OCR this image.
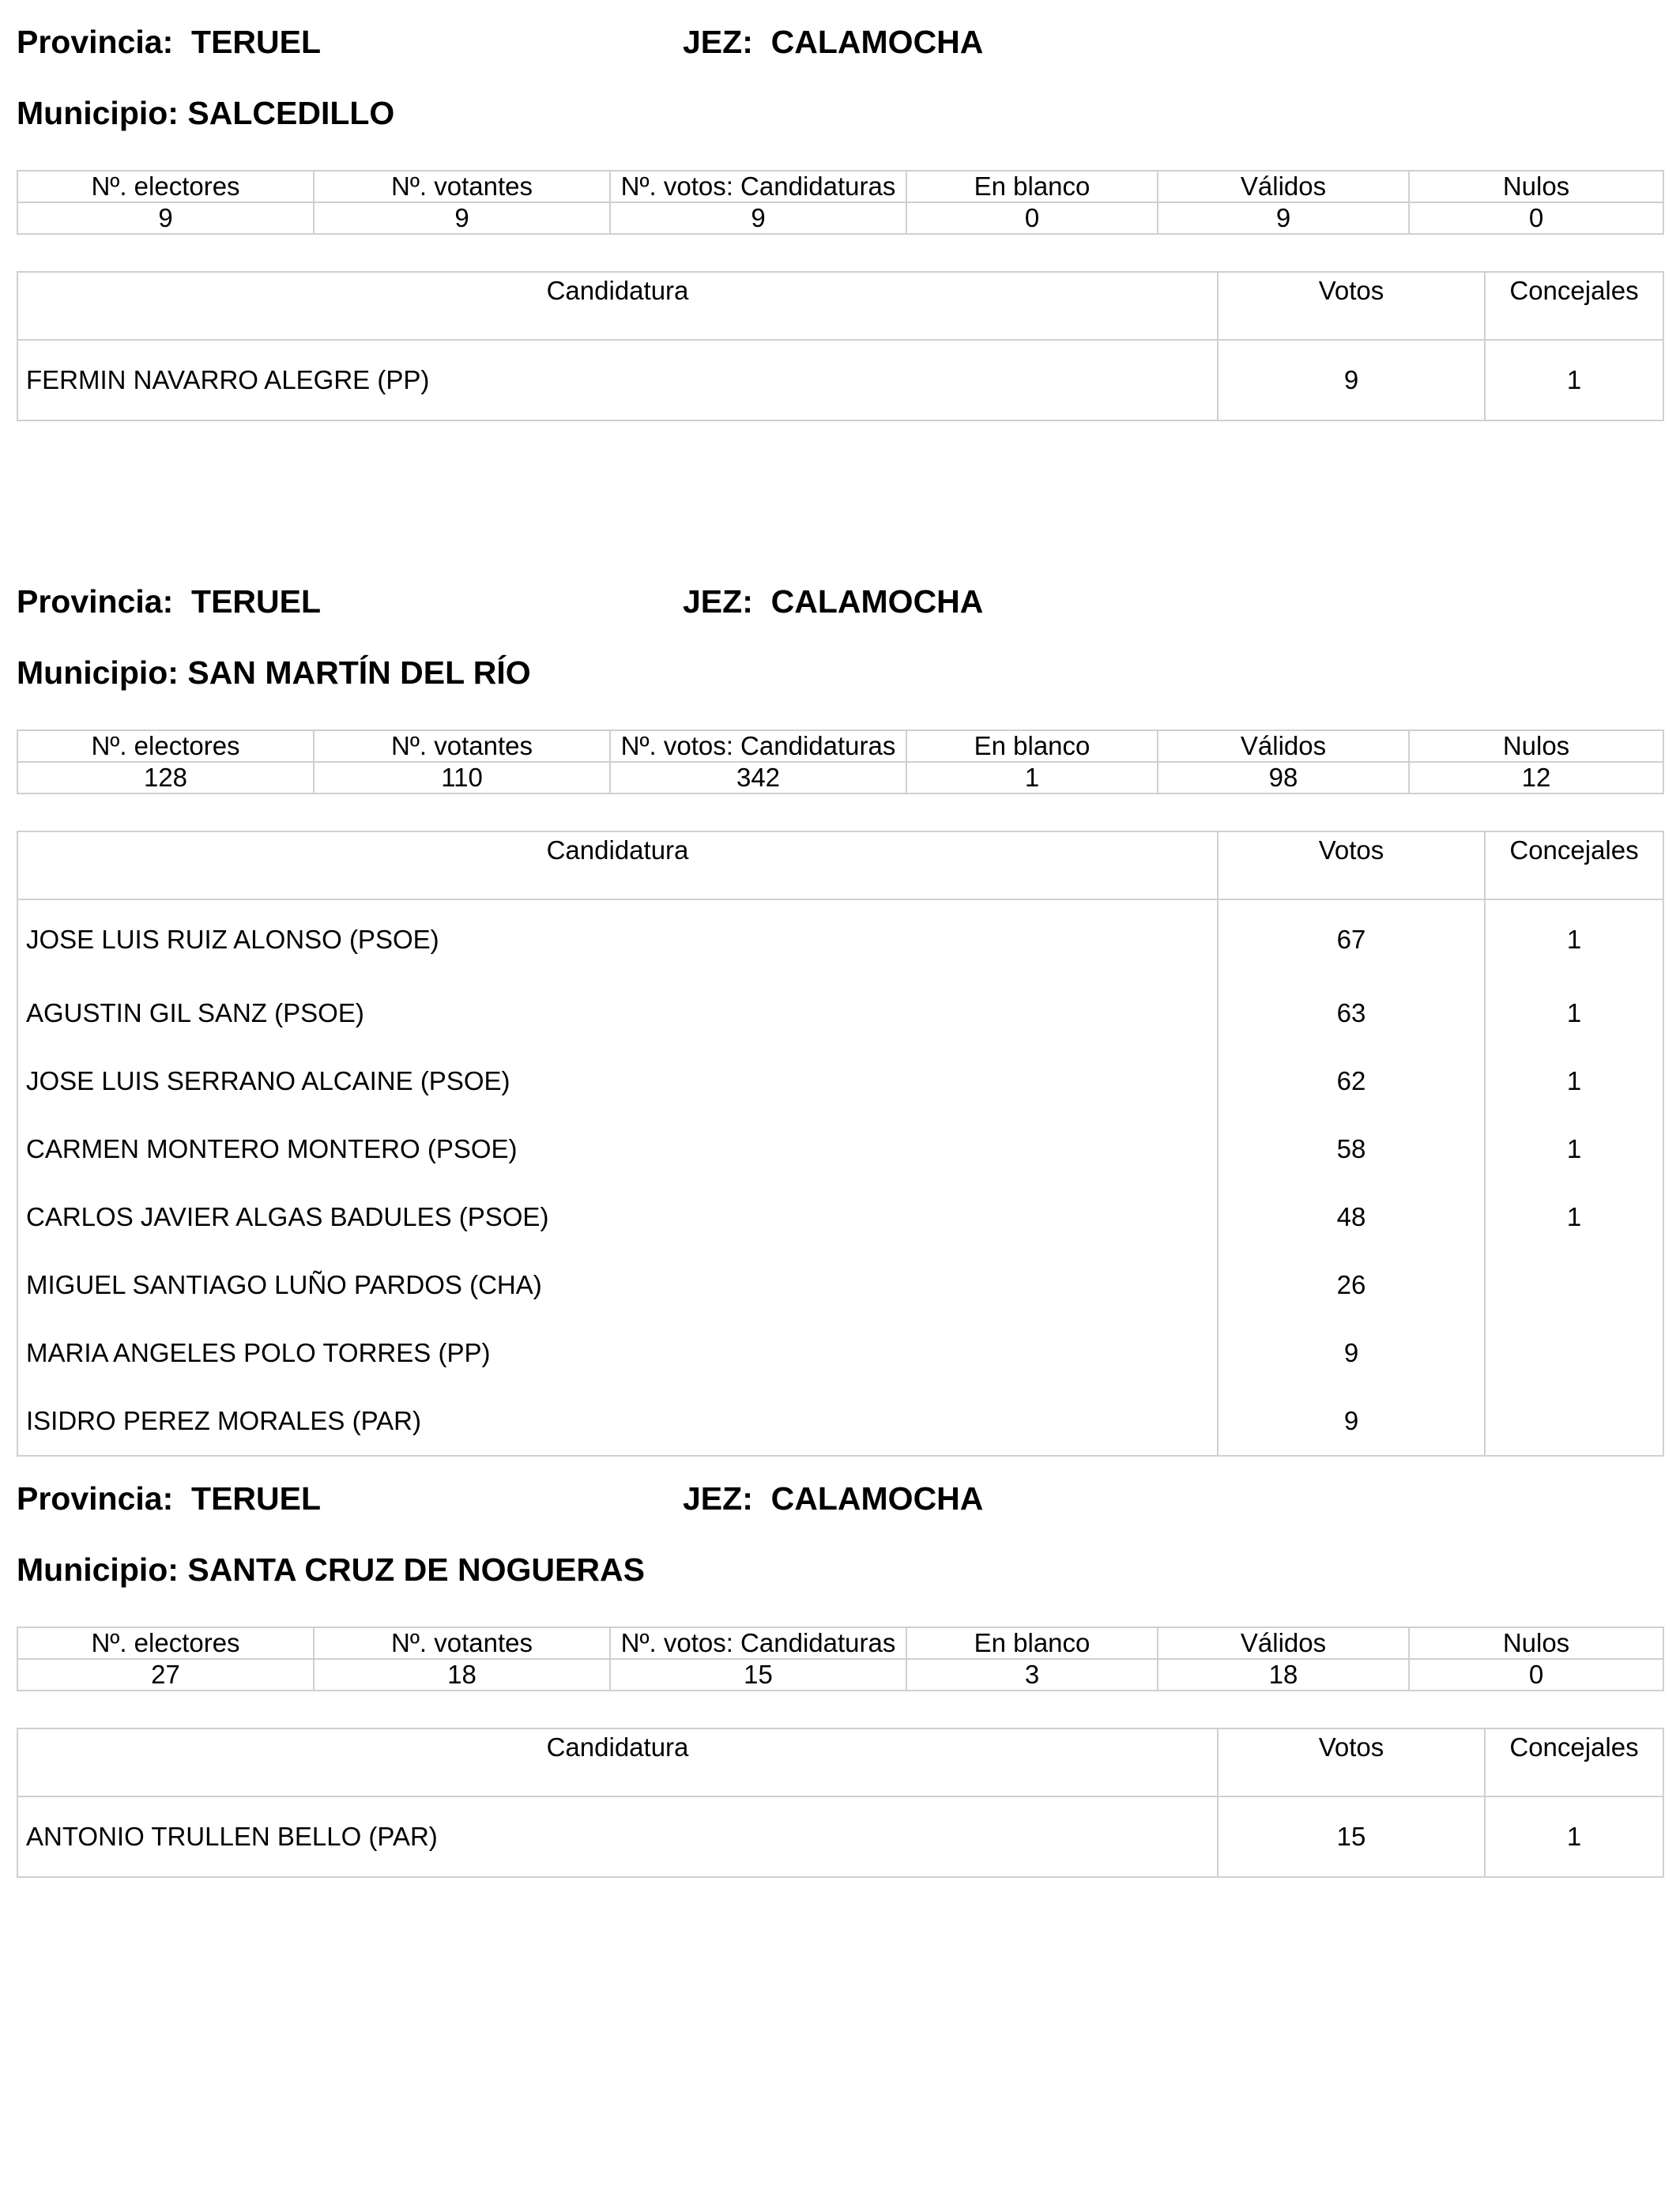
Provincia: TERUEL	JEZ: CALAMOCHA
Municipio: SALCEDILLO
Nº. electores	Nº. votantes	Nº. votos: Candidaturas	En blanco	Válidos	Nulos
9	9	9	0	9	0
Candidatura	Votos	Concejales
FERMIN NAVARRO ALEGRE (PP)	9	1
Provincia: TERUEL	JEZ: CALAMOCHA
Municipio: SAN MARTÍN DEL RÍO
Nº. electores	Nº. votantes	Nº. votos: Candidaturas	En blanco	Válidos	Nulos
128	110	342	1	98	12
Candidatura	Votos	Concejales
JOSE LUIS RUIZ ALONSO (PSOE)	67	1
AGUSTIN GIL SANZ (PSOE)	63	1
JOSE LUIS SERRANO ALCAINE (PSOE)	62	1
CARMEN MONTERO MONTERO (PSOE)	58	1
CARLOS JAVIER ALGAS BADULES (PSOE)	48	1
MIGUEL SANTIAGO LUÑO PARDOS (CHA)	26	
MARIA ANGELES POLO TORRES (PP)	9	
ISIDRO PEREZ MORALES (PAR)	9	
Provincia: TERUEL	JEZ: CALAMOCHA
Municipio: SANTA CRUZ DE NOGUERAS
Nº. electores	Nº. votantes	Nº. votos: Candidaturas	En blanco	Válidos	Nulos
27	18	15	3	18	0
Candidatura	Votos	Concejales
ANTONIO TRULLEN BELLO (PAR)	15	1
